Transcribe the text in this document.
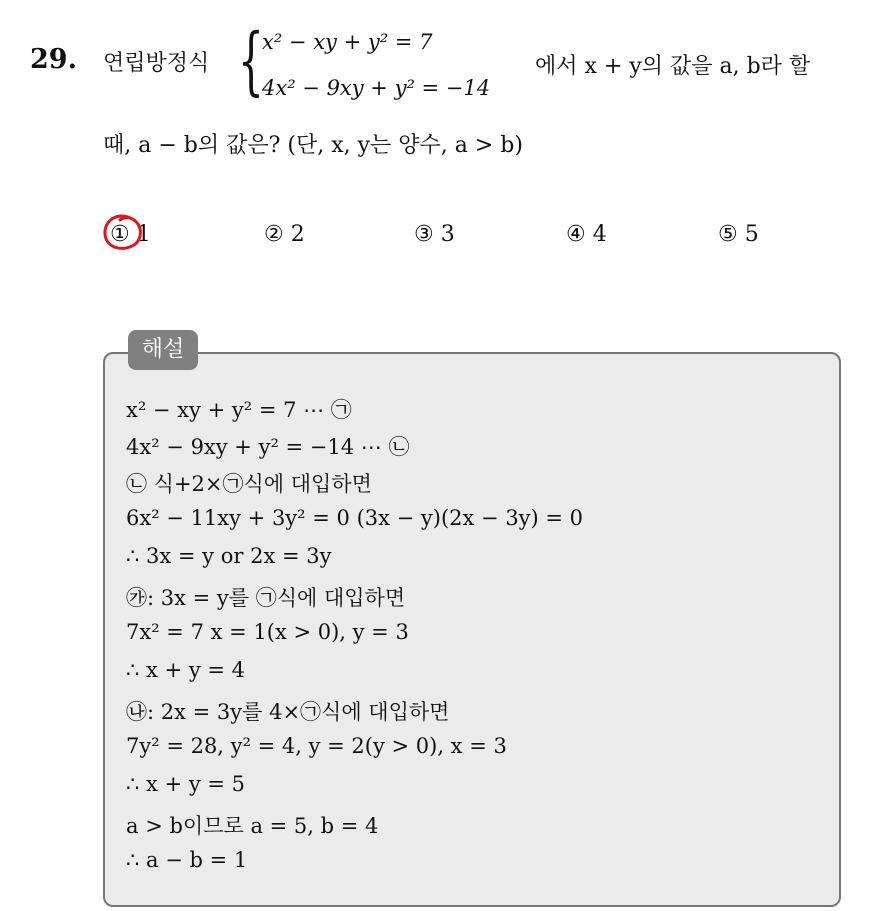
29. 연립방정식 {
x² − xy + y² = 7
4x² − 9xy + y² = −14
에서 x + y의 값을 a, b라 할
때, a − b의 값은? (단, x, y는 양수, a > b)
① 1	② 2	③ 3	④ 4	⑤ 5
해설
x² − xy + y² = 7 ⋯ ㉠
4x² − 9xy + y² = −14 ⋯ ㉡
㉡ 식+2×㉠식에 대입하면
6x² − 11xy + 3y² = 0 (3x − y)(2x − 3y) = 0
∴ 3x = y or 2x = 3y
㉮: 3x = y를 ㉠식에 대입하면
7x² = 7 x = 1(x > 0), y = 3
∴ x + y = 4
㉯: 2x = 3y를 4×㉠식에 대입하면
7y² = 28, y² = 4, y = 2(y > 0), x = 3
∴ x + y = 5
a > b이므로 a = 5, b = 4
∴ a − b = 1
